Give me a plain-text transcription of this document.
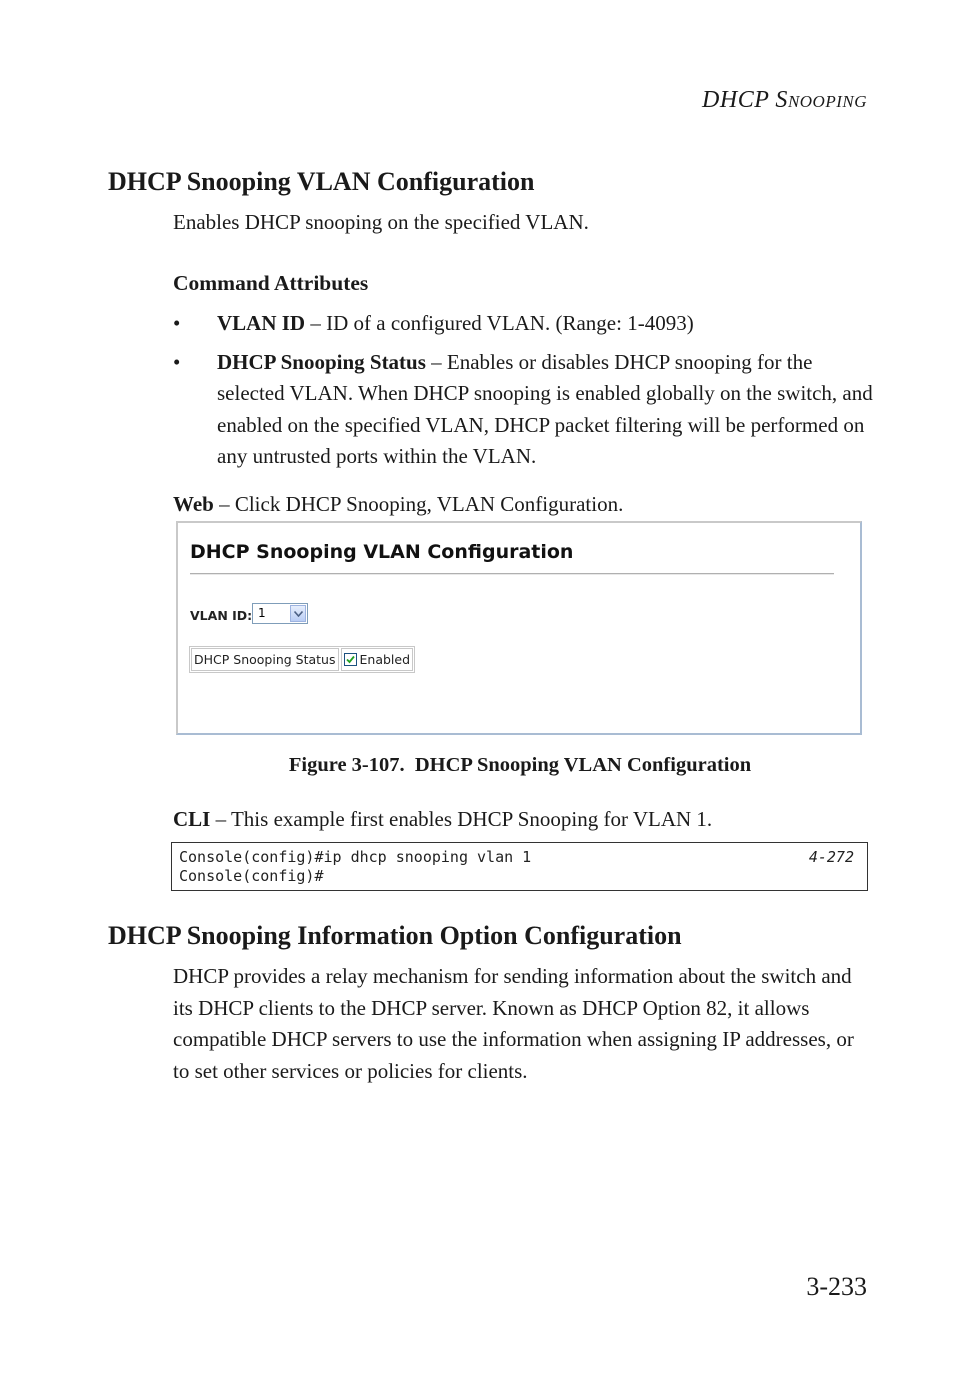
DHCP SNOOPING
DHCP Snooping VLAN Configuration

Enables DHCP snooping on the specified VLAN.

Command Attributes
• VLAN ID – ID of a configured VLAN. (Range: 1-4093)
• DHCP Snooping Status – Enables or disables DHCP snooping for the selected VLAN. When DHCP snooping is enabled globally on the switch, and enabled on the specified VLAN, DHCP packet filtering will be performed on any untrusted ports within the VLAN.

Web – Click DHCP Snooping, VLAN Configuration.

DHCP Snooping VLAN Configuration
VLAN ID: 1
DHCP Snooping Status Enabled
Figure 3-107.  DHCP Snooping VLAN Configuration

CLI – This example first enables DHCP Snooping for VLAN 1.

Console(config)#ip dhcp snooping vlan 1	4-272
Console(config)#
DHCP Snooping Information Option Configuration

DHCP provides a relay mechanism for sending information about the switch and its DHCP clients to the DHCP server. Known as DHCP Option 82, it allows compatible DHCP servers to use the information when assigning IP addresses, or to set other services or policies for clients.

3-233
